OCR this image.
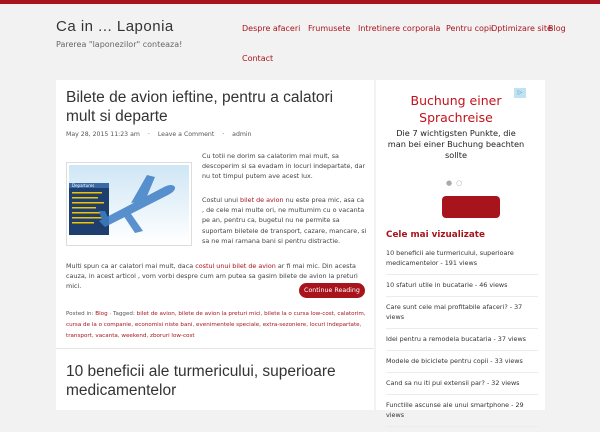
Ca in ... Laponia
Parerea "laponezilor" conteaza!
Despre afaceri Frumusete Intretinere corporala Pentru copii
Optimizare site
Blog
Contact
Bilete de avion ieftine, pentru a calatori mult si departe
May 28, 2015 11:23 am · Leave a Comment · admin
Departures
Cu totii ne dorim sa calatorim mai mult, sa descoperim si sa evadam in locuri indepartate, dar nu tot timpul putem ave acest lux.
Costul unui bilet de avion nu este prea mic, asa ca , de cele mai multe ori, ne multumim cu o vacanta pe an, pentru ca, bugetul nu ne permite sa suportam biletele de transport, cazare, mancare, si sa ne mai ramana bani si pentru distractie.
Multi spun ca ar calatori mai mult, daca costul unui bilet de avion ar fi mai mic. Din acesta cauza, in acest articol , vom vorbi despre cum am putea sa gasim bilete de avion la preturi mici.
Continue Reading
Posted in: Blog · Tagged: bilet de avion, bilete de avion la preturi mici, bilete la o cursa low-cost, calatorim, cursa de la o companie, economisi niste bani, evenimentele speciale, extra-sezoniere, locuri indepartate, transport, vacanta, weekend, zboruri low-cost
10 beneficii ale turmericului, superioare medicamentelor
▷
Buchung einer Sprachreise
Die 7 wichtigsten Punkte, die man bei einer Buchung beachten sollte
●○
Cele mai vizualizate
10 beneficii ale turmericului, superioare medicamentelor - 191 views
10 sfaturi utile in bucatarie - 46 views
Care sunt cele mai profitabile afaceri? - 37 views
Idei pentru a remodela bucataria - 37 views
Modele de biciclete pentru copii - 33 views
Cand sa nu iti pui extensii par? - 32 views
Functiile ascunse ale unui smartphone - 29 views
